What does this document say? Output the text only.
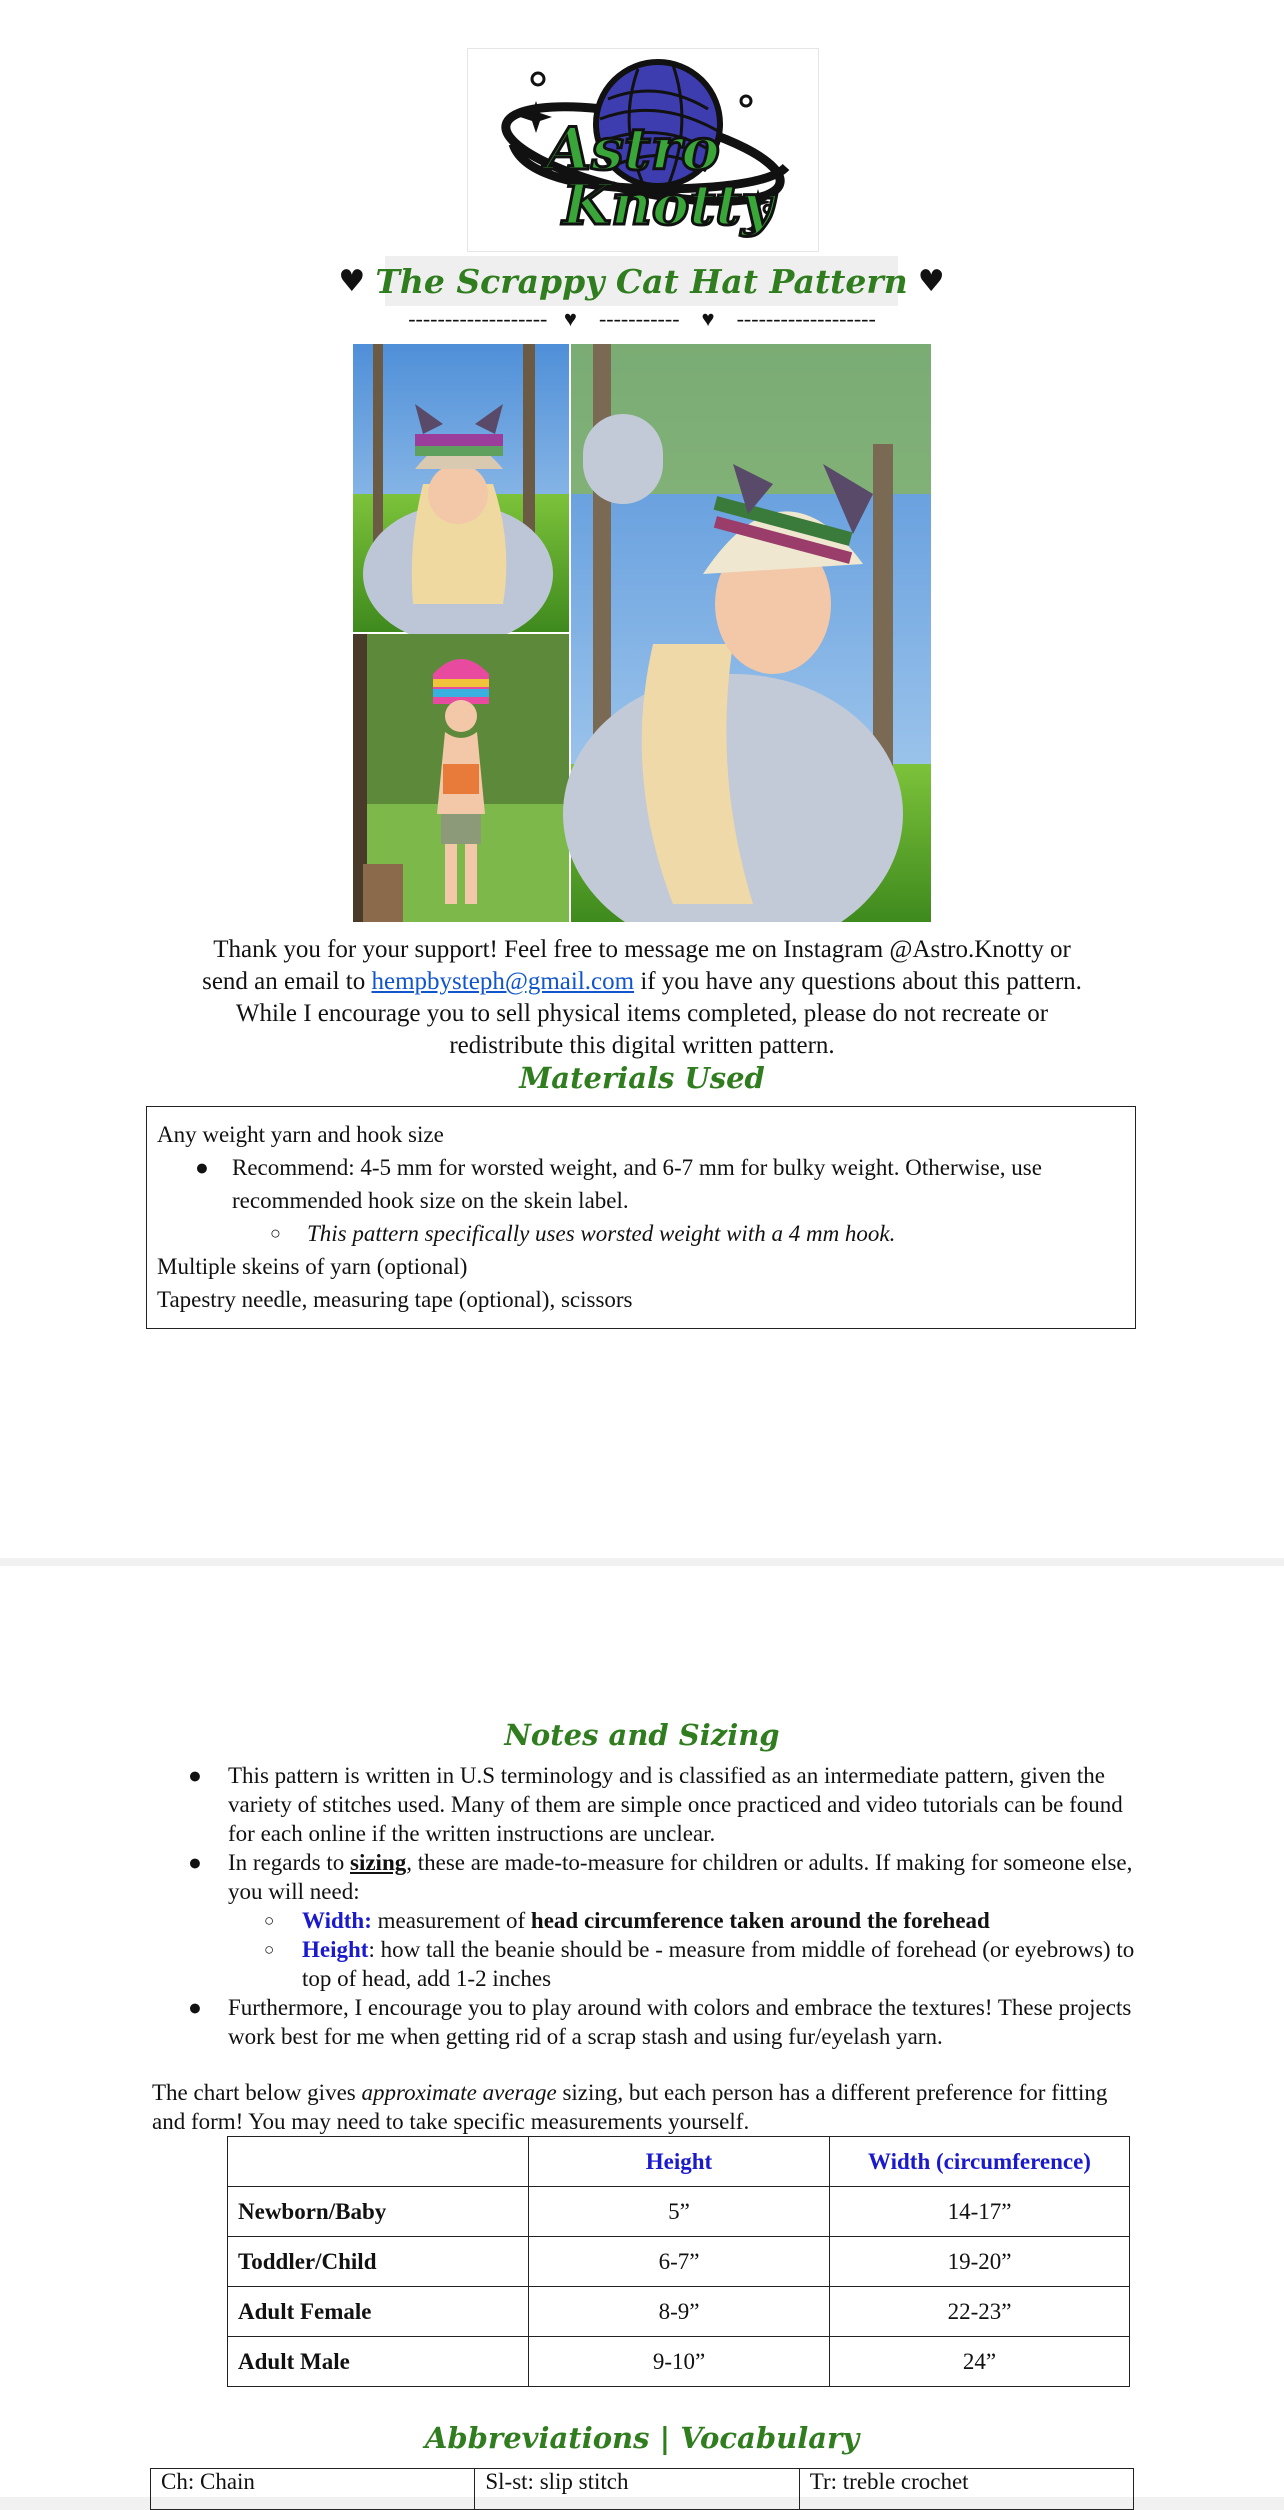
Astro
Knotty
♥ The Scrappy Cat Hat Pattern ♥
-------------------   ♥    -----------    ♥    -------------------
Thank you for your support! Feel free to message me on Instagram @Astro.Knotty or
send an email to hempbysteph@gmail.com if you have any questions about this pattern.
While I encourage you to sell physical items completed, please do not recreate or
redistribute this digital written pattern.
Materials Used

Any weight yarn and hook size

● Recommend: 4-5 mm for worsted weight, and 6-7 mm for bulky weight. Otherwise, use recommended hook size on the skein label.

○ This pattern specifically uses worsted weight with a 4 mm hook.

Multiple skeins of yarn (optional)

Tapestry needle, measuring tape (optional), scissors

Notes and Sizing
● This pattern is written in U.S terminology and is classified as an intermediate pattern, given the variety of stitches used. Many of them are simple once practiced and video tutorials can be found for each online if the written instructions are unclear.
● In regards to sizing, these are made-to-measure for children or adults. If making for someone else, you will need:
○ Width: measurement of head circumference taken around the forehead
○ Height: how tall the beanie should be - measure from middle of forehead (or eyebrows) to top of head, add 1-2 inches
● Furthermore, I encourage you to play around with colors and embrace the textures! These projects work best for me when getting rid of a scrap stash and using fur/eyelash yarn.
The chart below gives approximate average sizing, but each person has a different preference for fitting and form! You may need to take specific measurements yourself.
	Height	Width (circumference)
Newborn/Baby	5”	14-17”
Toddler/Child	6-7”	19-20”
Adult Female	8-9”	22-23”
Adult Male	9-10”	24”
Abbreviations | Vocabulary
Ch: Chain	Sl-st: slip stitch	Tr: treble crochet
